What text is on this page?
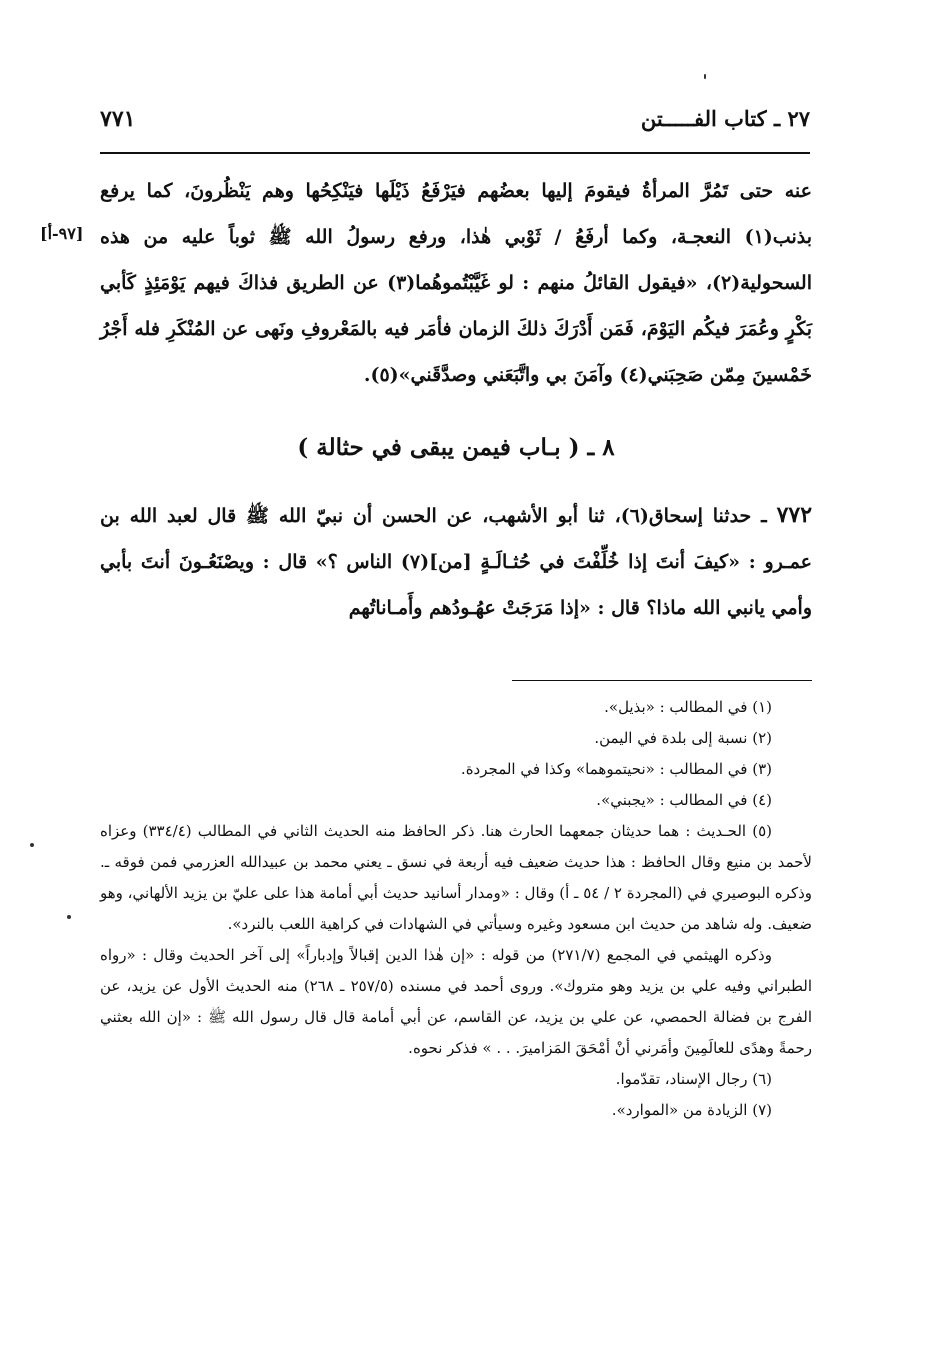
٢٧ ـ كتاب الفـــــتن
٧٧١

عنه حتى تَمُرَّ المرأةُ فيقومَ إليها بعضُهم فيَرْفَعُ ذَيْلَها فيَنْكِحُها وهم يَنْظُرونَ، كما يرفع بذنب(١) النعجـة، وكما أرفَعُ / ثَوْبي هٰذا، ورفع رسولُ الله ﷺ ثوباً عليه من هذه السحولية(٢)، «فيقول القائلُ منهم : لو غَيَّبْتُموهُما(٣) عن الطريق فذاكَ فيهم يَوْمَئِذٍ كَأبي بَكْرٍ وعُمَرَ فيكُم اليَوْمَ، فَمَن أَدْرَكَ ذلكَ الزمان فأمَر فيه بالمَعْروفِ ونَهى عن المُنْكَرِ فله أَجْرُ خَمْسينَ مِمّن صَحِبَني(٤) وآمَنَ بي واتَّبَعَني وصدَّقَني»(٥).

[٩٧-أ]
٨ ـ ( بـاب فيمن يبقى في حثالة )

٧٧٢ ـ حدثنا إسحاق(٦)، ثنا أبو الأشهب، عن الحسن أن نبيّ الله ﷺ قال لعبد الله بن عمـرو : «كيفَ أنتَ إذا خُلِّفْتَ في حُثـالَـةٍ [من](٧) الناس ؟» قال : ويصْنَعُـونَ أنتَ بأبي وأمي يانبي الله ماذا؟ قال : «إذا مَرَجَتْ عهُـودُهم وأَمـاناتُهم

(١) في المطالب : «بذيل».

(٢) نسبة إلى بلدة في اليمن.

(٣) في المطالب : «نحيتموهما» وكذا في المجردة.

(٤) في المطالب : «يجبني».

(٥) الحـديث : هما حديثان جمعهما الحارث هنا. ذكر الحافظ منه الحديث الثاني في المطالب (٣٣٤/٤) وعزاه لأحمد بن منيع وقال الحافظ : هذا حديث ضعيف فيه أربعة في نسق ـ يعني محمد بن عبيدالله العزرمي فمن فوقه ـ. وذكره البوصيري في (المجردة ٢ / ٥٤ ـ أ) وقال : «ومدار أسانيد حديث أبي أمامة هذا على عليّ بن يزيد الألهاني، وهو ضعيف. وله شاهد من حديث ابن مسعود وغيره وسيأتي في الشهادات في كراهية اللعب بالنرد».

وذكره الهيثمي في المجمع (٢٧١/٧) من قوله : «إن هٰذا الدين إقبالاً وإدباراً» إلى آخر الحديث وقال : «رواه الطبراني وفيه علي بن يزيد وهو متروك». وروى أحمد في مسنده (٢٥٧/٥ ـ ٢٦٨) منه الحديث الأول عن يزيد، عن الفرج بن فضالة الحمصي، عن علي بن يزيد، عن القاسم، عن أبي أمامة قال قال رسول الله ﷺ : «إن الله بعثني رحمةً وهدًى للعالَمِينَ وأمَرني أنْ أمْحَقَ المَزاميرَ. . . » فذكر نحوه.

(٦) رجال الإسناد، تقدّموا.

(٧) الزيادة من «الموارد».
